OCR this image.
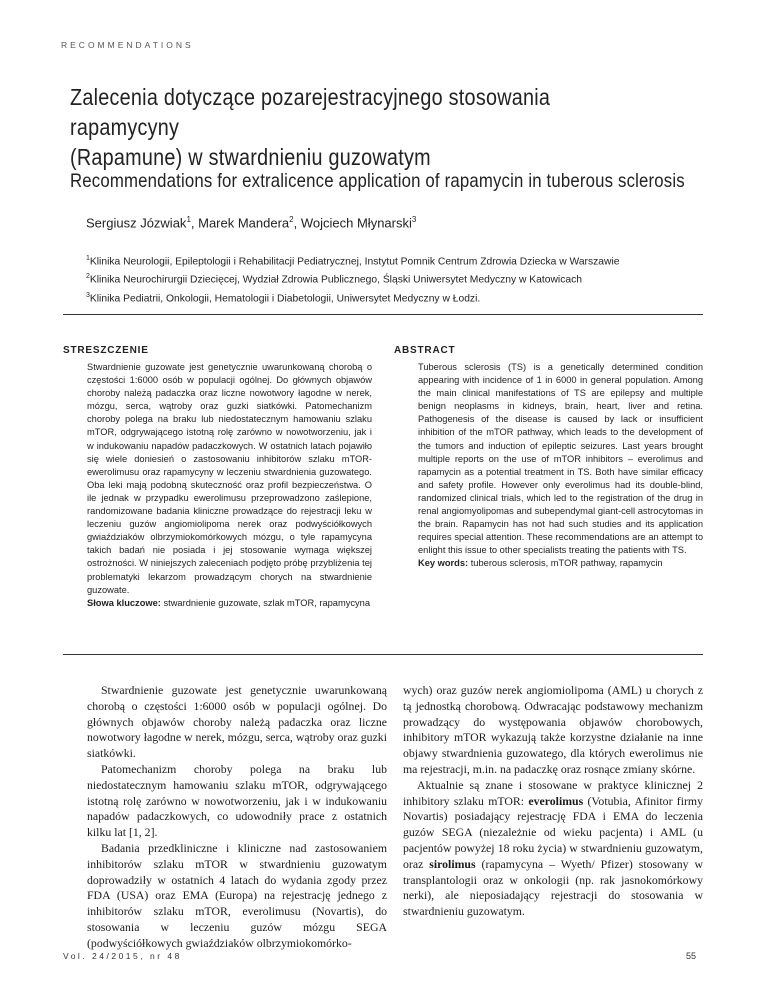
RECOMMENDATIONS
Zalecenia dotyczące pozarejestracyjnego stosowania rapamycyny
(Rapamune) w stwardnieniu guzowatym
Recommendations for extralicence application of rapamycin in tuberous sclerosis
Sergiusz Józwiak$^1$, Marek Mandera$^2$, Wojciech Młynarski$^3$
$^1$Klinika Neurologii, Epileptologii i Rehabilitacji Pediatrycznej, Instytut Pomnik Centrum Zdrowia Dziecka w Warszawie
$^2$Klinika Neurochirurgii Dziecięcej, Wydział Zdrowia Publicznego, Śląski Uniwersytet Medyczny w Katowicach
$^3$Klinika Pediatrii, Onkologii, Hematologii i Diabetologii, Uniwersytet Medyczny w Łodzi.
STRESZCZENIE
Stwardnienie guzowate jest genetycznie uwarunkowaną chorobą o częstości 1:6000 osób w populacji ogólnej. Do głównych objawów choroby należą padaczka oraz liczne nowotwory łagodne w nerek, mózgu, serca, wątroby oraz guzki siatkówki. Patomechanizm choroby polega na braku lub niedostatecznym hamowaniu szlaku mTOR, odgrywającego istotną rolę zarówno w nowotworzeniu, jak i w indukowaniu napadów padaczkowych. W ostatnich latach pojawiło się wiele doniesień o zastosowaniu inhibitorów szlaku mTOR- ewerolimusu oraz rapamycyny w leczeniu stwardnienia guzowatego. Oba leki mają podobną skuteczność oraz profil bezpieczeństwa. O ile jednak w przypadku ewerolimusu przeprowadzono zaślepione, randomizowane badania kliniczne prowadzące do rejestracji leku w leczeniu guzów angiomiolipoma nerek oraz podwyściółkowych gwiaździaków olbrzymiokomórkowych mózgu, o tyle rapamycyna takich badań nie posiada i jej stosowanie wymaga większej ostrożności. W niniejszych zaleceniach podjęto próbę przybliżenia tej problematyki lekarzom prowadzącym chorych na stwardnienie guzowate.
Słowa kluczowe: stwardnienie guzowate, szlak mTOR, rapamycyna
ABSTRACT
Tuberous sclerosis (TS) is a genetically determined condition appearing with incidence of 1 in 6000 in general population. Among the main clinical manifestations of TS are epilepsy and multiple benign neoplasms in kidneys, brain, heart, liver and retina. Pathogenesis of the disease is caused by lack or insufficient inhibition of the mTOR pathway, which leads to the development of the tumors and induction of epileptic seizures. Last years brought multiple reports on the use of mTOR inhibitors – everolimus and rapamycin as a potential treatment in TS. Both have similar efficacy and safety profile. However only everolimus had its double-blind, randomized clinical trials, which led to the registration of the drug in renal angiomyolipomas and subependymal giant-cell astrocytomas in the brain. Rapamycin has not had such studies and its application requires special attention. These recommendations are an attempt to enlight this issue to other specialists treating the patients with TS.
Key words: tuberous sclerosis, mTOR pathway, rapamycin

Stwardnienie guzowate jest genetycznie uwarunkowaną chorobą o częstości 1:6000 osób w populacji ogólnej. Do głównych objawów choroby należą padaczka oraz liczne nowotwory łagodne w nerek, mózgu, serca, wątroby oraz guzki siatkówki.

Patomechanizm choroby polega na braku lub niedostatecznym hamowaniu szlaku mTOR, odgrywającego istotną rolę zarówno w nowotworzeniu, jak i w indukowaniu napadów padaczkowych, co udowodniły prace z ostatnich kilku lat [1, 2].

Badania przedkliniczne i kliniczne nad zastosowaniem inhibitorów szlaku mTOR w stwardnieniu guzowatym doprowadziły w ostatnich 4 latach do wydania zgody przez FDA (USA) oraz EMA (Europa) na rejestrację jednego z inhibitorów szlaku mTOR, everolimusu (Novartis), do stosowania w leczeniu guzów mózgu SEGA (podwyściółkowych gwiaździaków olbrzymiokomórko-

wych) oraz guzów nerek angiomiolipoma (AML) u chorych z tą jednostką chorobową. Odwracając podstawowy mechanizm prowadzący do występowania objawów chorobowych, inhibitory mTOR wykazują także korzystne działanie na inne objawy stwardnienia guzowatego, dla których ewerolimus nie ma rejestracji, m.in. na padaczkę oraz rosnące zmiany skórne.

Aktualnie są znane i stosowane w praktyce klinicznej 2 inhibitory szlaku mTOR: everolimus (Votubia, Afinitor firmy Novartis) posiadający rejestrację FDA i EMA do leczenia guzów SEGA (niezależnie od wieku pacjenta) i AML (u pacjentów powyżej 18 roku życia) w stwardnieniu guzowatym, oraz sirolimus (rapamycyna – Wyeth/ Pfizer) stosowany w transplantologii oraz w onkologii (np. rak jasnokomórkowy nerki), ale nieposiadający rejestracji do stosowania w stwardnieniu guzowatym.

Vol. 24/2015, nr 48	55
